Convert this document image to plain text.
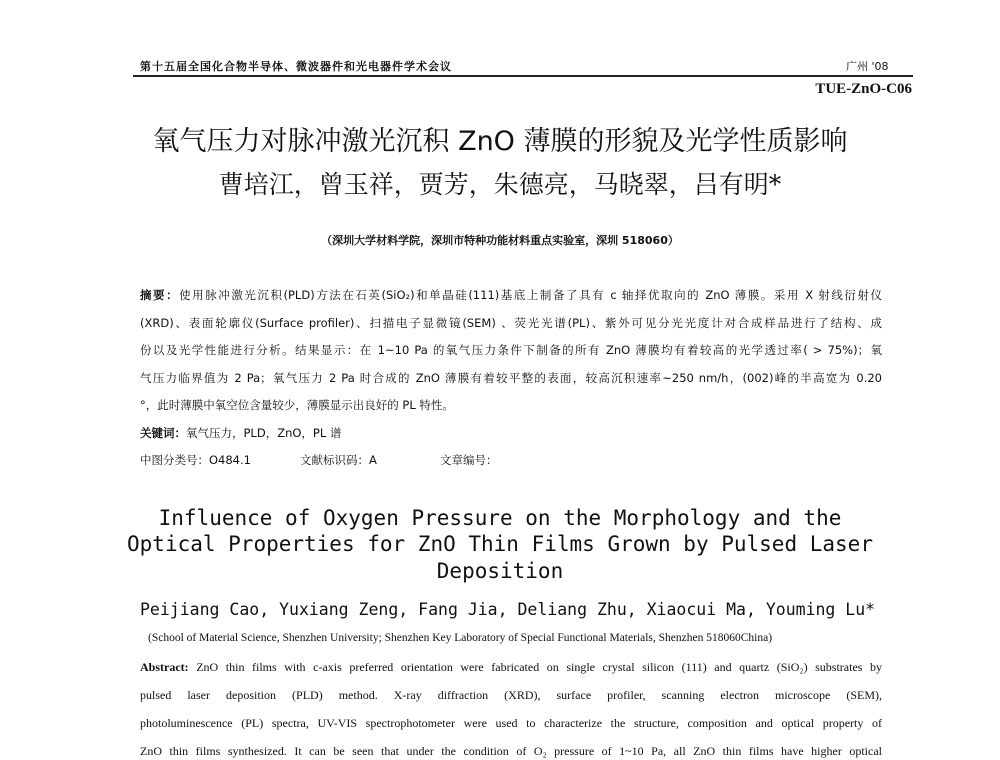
第十五届全国化合物半导体、微波器件和光电器件学术会议	广州 '08
TUE-ZnO-C06
氧气压力对脉冲激光沉积 ZnO 薄膜的形貌及光学性质影响
曹培江，曾玉祥，贾芳，朱德亮，马晓翠，吕有明*
（深圳大学材料学院，深圳市特种功能材料重点实验室，深圳 518060）
摘要：使用脉冲激光沉积(PLD)方法在石英(SiO₂)和单晶硅(111)基底上制备了具有 c 轴择优取向的 ZnO 薄膜。采用 X 射线衍射仪
(XRD)、表面轮廓仪(Surface profiler)、扫描电子显微镜(SEM) 、荧光光谱(PL)、紫外可见分光光度计对合成样品进行了结构、成
份以及光学性能进行分析。结果显示：在 1~10 Pa 的氧气压力条件下制备的所有 ZnO 薄膜均有着较高的光学透过率( > 75%)；氧
气压力临界值为 2 Pa；氧气压力 2 Pa 时合成的 ZnO 薄膜有着较平整的表面，较高沉积速率~250 nm/h，(002)峰的半高宽为 0.20
°，此时薄膜中氧空位含量较少，薄膜显示出良好的 PL 特性。
关键词：氧气压力，PLD，ZnO，PL 谱
中图分类号：O484.1	文献标识码：A	文章编号：
Influence of Oxygen Pressure on the Morphology and the
Optical Properties for ZnO Thin Films Grown by Pulsed Laser
Deposition
Peijiang Cao, Yuxiang Zeng, Fang Jia, Deliang Zhu, Xiaocui Ma, Youming Lu*
(School of Material Science, Shenzhen University; Shenzhen Key Laboratory of Special Functional Materials, Shenzhen 518060China)
Abstract: ZnO thin films with c-axis preferred orientation were fabricated on single crystal silicon (111) and quartz (SiO₂) substrates by
pulsed laser deposition (PLD) method. X-ray diffraction (XRD), surface profiler, scanning electron microscope (SEM),
photoluminescence (PL) spectra, UV-VIS spectrophotometer were used to characterize the structure, composition and optical property of
ZnO thin films synthesized. It can be seen that under the condition of O₂ pressure of 1~10 Pa, all ZnO thin films have higher optical
